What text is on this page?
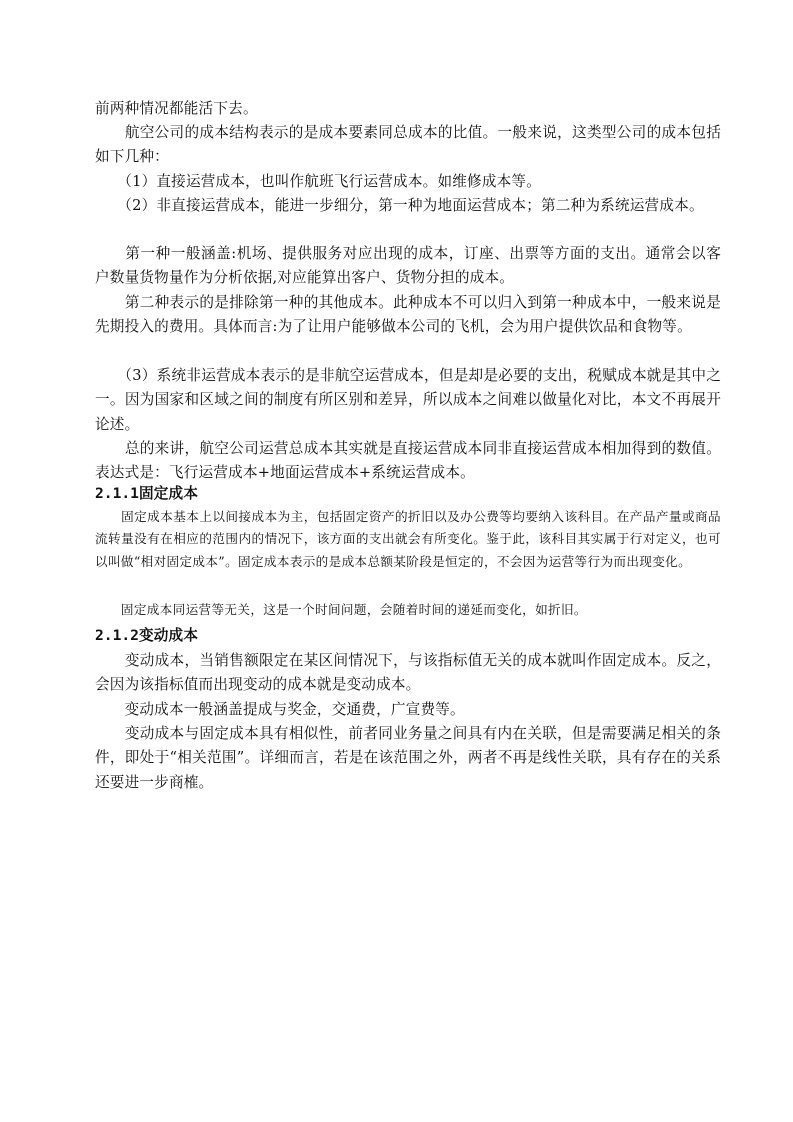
前两种情况都能活下去。

　　航空公司的成本结构表示的是成本要素同总成本的比值。一般来说，这类型公司的成本包括如下几种：

　　（1）直接运营成本，也叫作航班飞行运营成本。如维修成本等。

　　（2）非直接运营成本，能进一步细分，第一种为地面运营成本；第二种为系统运营成本。

　　第一种一般涵盖:机场、提供服务对应出现的成本，订座、出票等方面的支出。通常会以客户数量货物量作为分析依据,对应能算出客户、货物分担的成本。

　　第二种表示的是排除第一种的其他成本。此种成本不可以归入到第一种成本中，一般来说是先期投入的费用。具体而言:为了让用户能够做本公司的飞机，会为用户提供饮品和食物等。

　　（3）系统非运营成本表示的是非航空运营成本，但是却是必要的支出，税赋成本就是其中之一。因为国家和区域之间的制度有所区别和差异，所以成本之间难以做量化对比，本文不再展开论述。

　　总的来讲，航空公司运营总成本其实就是直接运营成本同非直接运营成本相加得到的数值。表达式是：飞行运营成本+地面运营成本+系统运营成本。

2.1.1固定成本

　　固定成本基本上以间接成本为主，包括固定资产的折旧以及办公费等均要纳入该科目。在产品产量或商品流转量没有在相应的范围内的情况下，该方面的支出就会有所变化。鉴于此，该科目其实属于行对定义，也可以叫做“相对固定成本”。固定成本表示的是成本总额某阶段是恒定的，不会因为运营等行为而出现变化。

　　固定成本同运营等无关，这是一个时间问题，会随着时间的递延而变化，如折旧。

2.1.2变动成本

　　变动成本，当销售额限定在某区间情况下，与该指标值无关的成本就叫作固定成本。反之，会因为该指标值而出现变动的成本就是变动成本。

　　变动成本一般涵盖提成与奖金，交通费，广宣费等。

　　变动成本与固定成本具有相似性，前者同业务量之间具有内在关联，但是需要满足相关的条件，即处于“相关范围”。详细而言，若是在该范围之外，两者不再是线性关联，具有存在的关系还要进一步商榷。
